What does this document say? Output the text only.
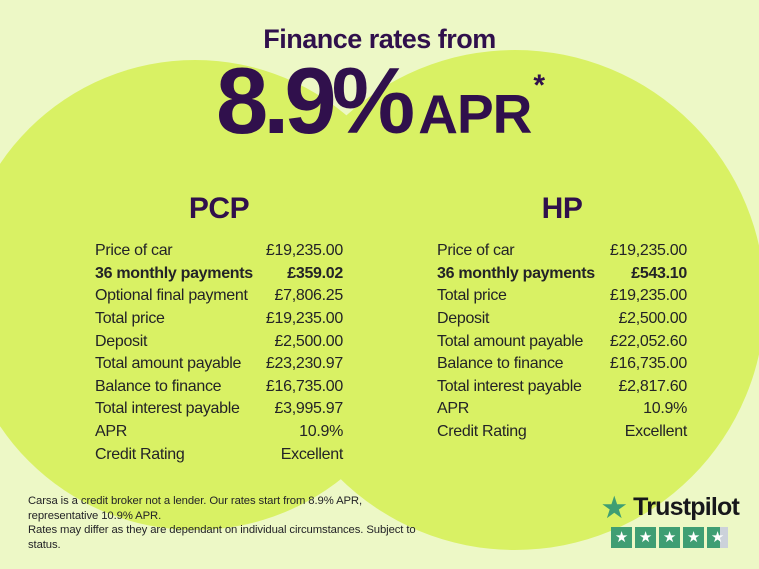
Finance rates from
8.9% APR*
PCP
Price of car	£19,235.00
36 monthly payments £359.02
Optional final payment £7,806.25
Total price	£19,235.00
Deposit	£2,500.00
Total amount payable £23,230.97
Balance to finance	£16,735.00
Total interest payable £3,995.97
APR	10.9%
Credit Rating	Excellent
HP
Price of car	£19,235.00
36 monthly payments £543.10
Total price	£19,235.00
Deposit	£2,500.00
Total amount payable £22,052.60
Balance to finance	£16,735.00
Total interest payable £2,817.60
APR	10.9%
Credit Rating	Excellent
Carsa is a credit broker not a lender. Our rates start from 8.9% APR, representative 10.9% APR.
Rates may differ as they are dependant on individual circumstances. Subject to status.
★ Trustpilot
★ ★ ★ ★ ★
